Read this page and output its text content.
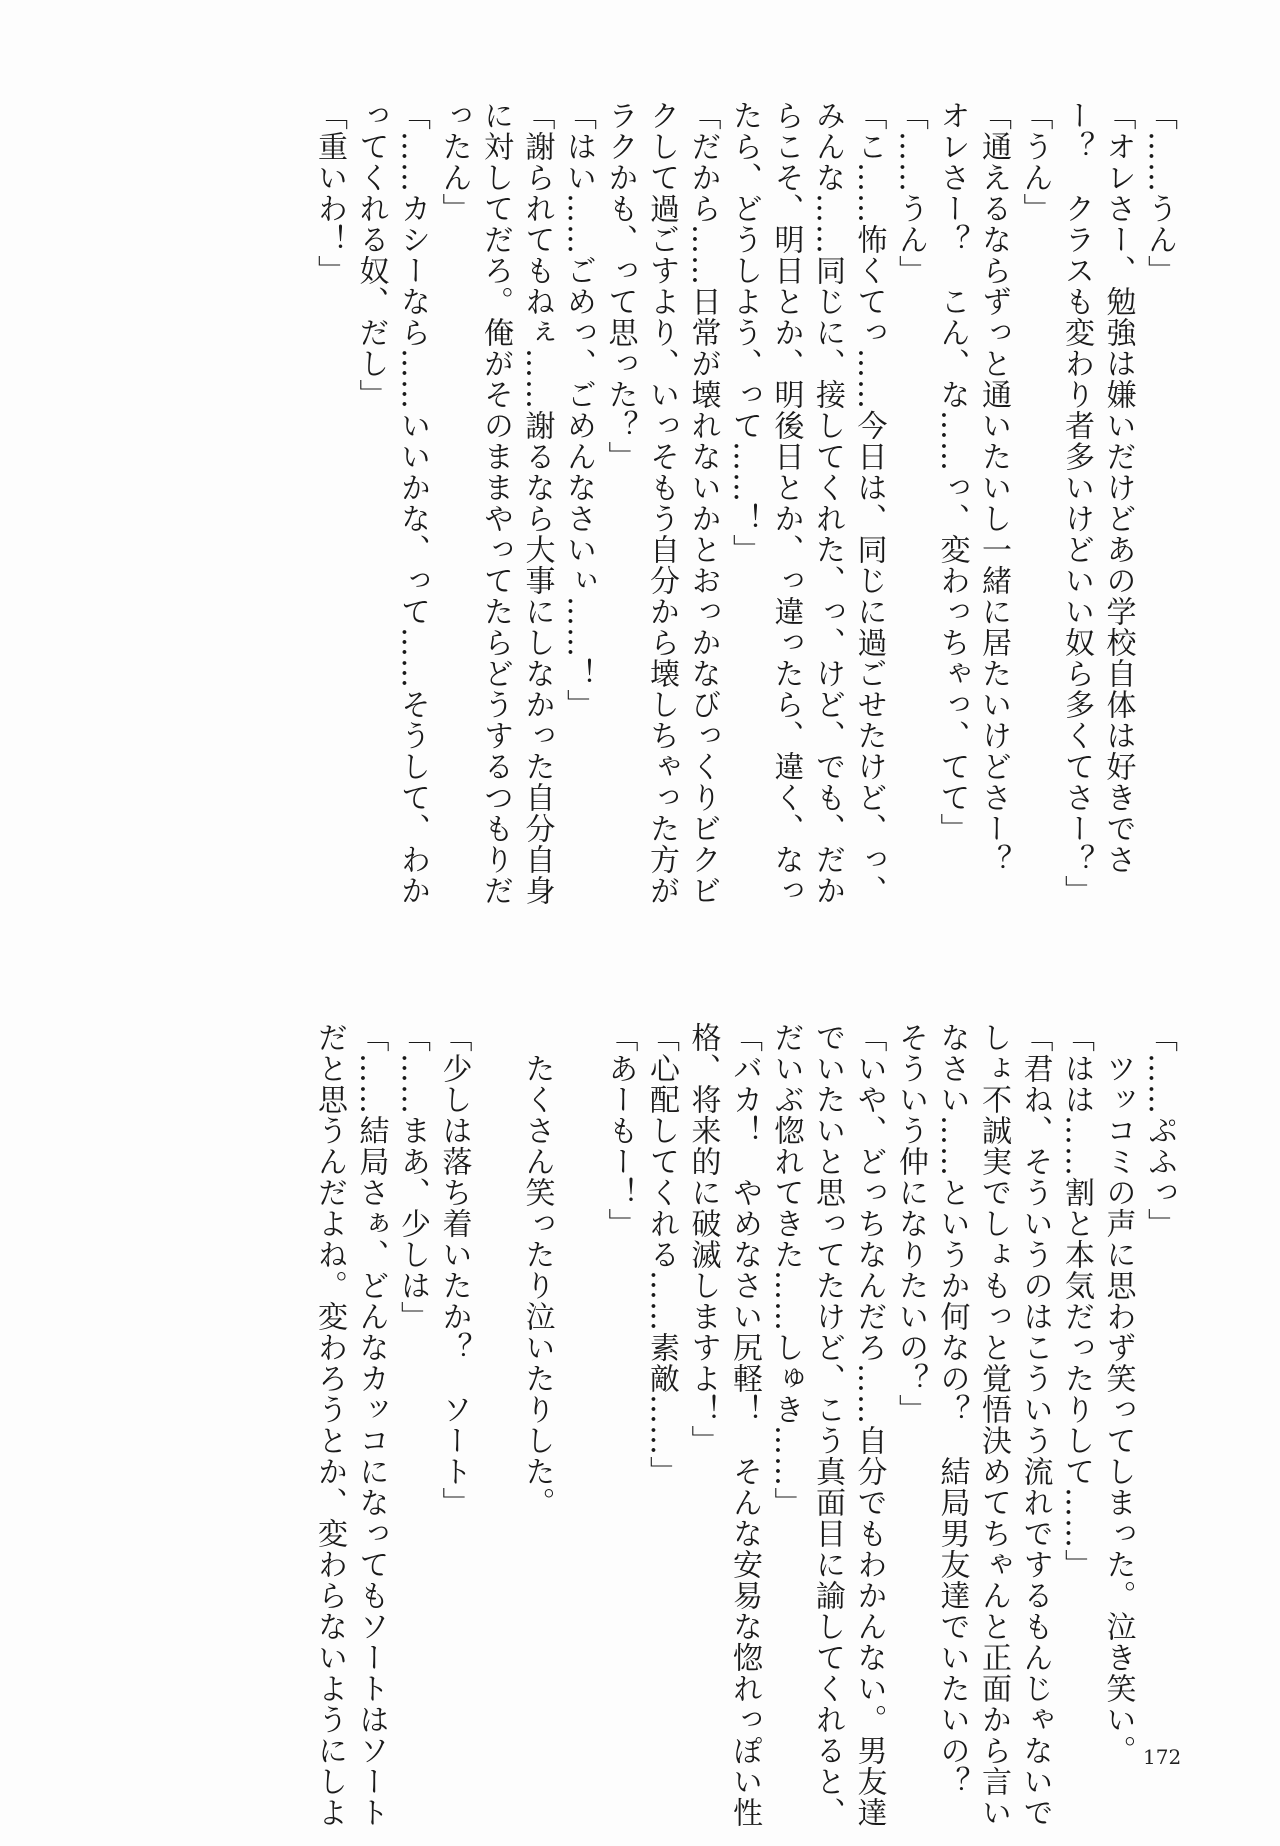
「……うん」
「オレさー、勉強は嫌いだけどあの学校自体は好きでさ
ー？　クラスも変わり者多いけどいい奴ら多くてさー？」
「うん」
「通えるならずっと通いたいし一緒に居たいけどさー？
オレさー？　こん、な……っ、変わっちゃっ、てて」
「……うん」
「こ……怖くてっ……今日は、同じに過ごせたけど、っ、
みんな……同じに、接してくれた、っ、けど、でも、だか
らこそ、明日とか、明後日とか、っ違ったら、違く、なっ
たら、どうしよう、って……！」
「だから……日常が壊れないかとおっかなびっくりビクビ
クして過ごすより、いっそもう自分から壊しちゃった方が
ラクかも、って思った？」
「はい……ごめっ、ごめんなさいぃ……！」
「謝られてもねぇ……謝るなら大事にしなかった自分自身
に対してだろ。俺がそのままやってたらどうするつもりだ
ったん」
「……カシーなら……いいかな、って……そうして、わか
ってくれる奴、だし」
「重いわ！」
「……ぷふっ」
　ツッコミの声に思わず笑ってしまった。泣き笑い。
「はは……割と本気だったりして……」
「君ね、そういうのはこういう流れでするもんじゃないで
しょ不誠実でしょもっと覚悟決めてちゃんと正面から言い
なさい……というか何なの？　結局男友達でいたいの？
そういう仲になりたいの？」
「いや、どっちなんだろ……自分でもわかんない。男友達
でいたいと思ってたけど、こう真面目に諭してくれると、
だいぶ惚れてきた……しゅき……」
「バカ！　やめなさい尻軽！　そんな安易な惚れっぽい性
格、将来的に破滅しますよ！」
「心配してくれる……素敵……」
「あーもー！」

　たくさん笑ったり泣いたりした。

「少しは落ち着いたか？　ソート」
「……まあ、少しは」
「……結局さぁ、どんなカッコになってもソートはソート
だと思うんだよね。変わろうとか、変わらないようにしよ	172
